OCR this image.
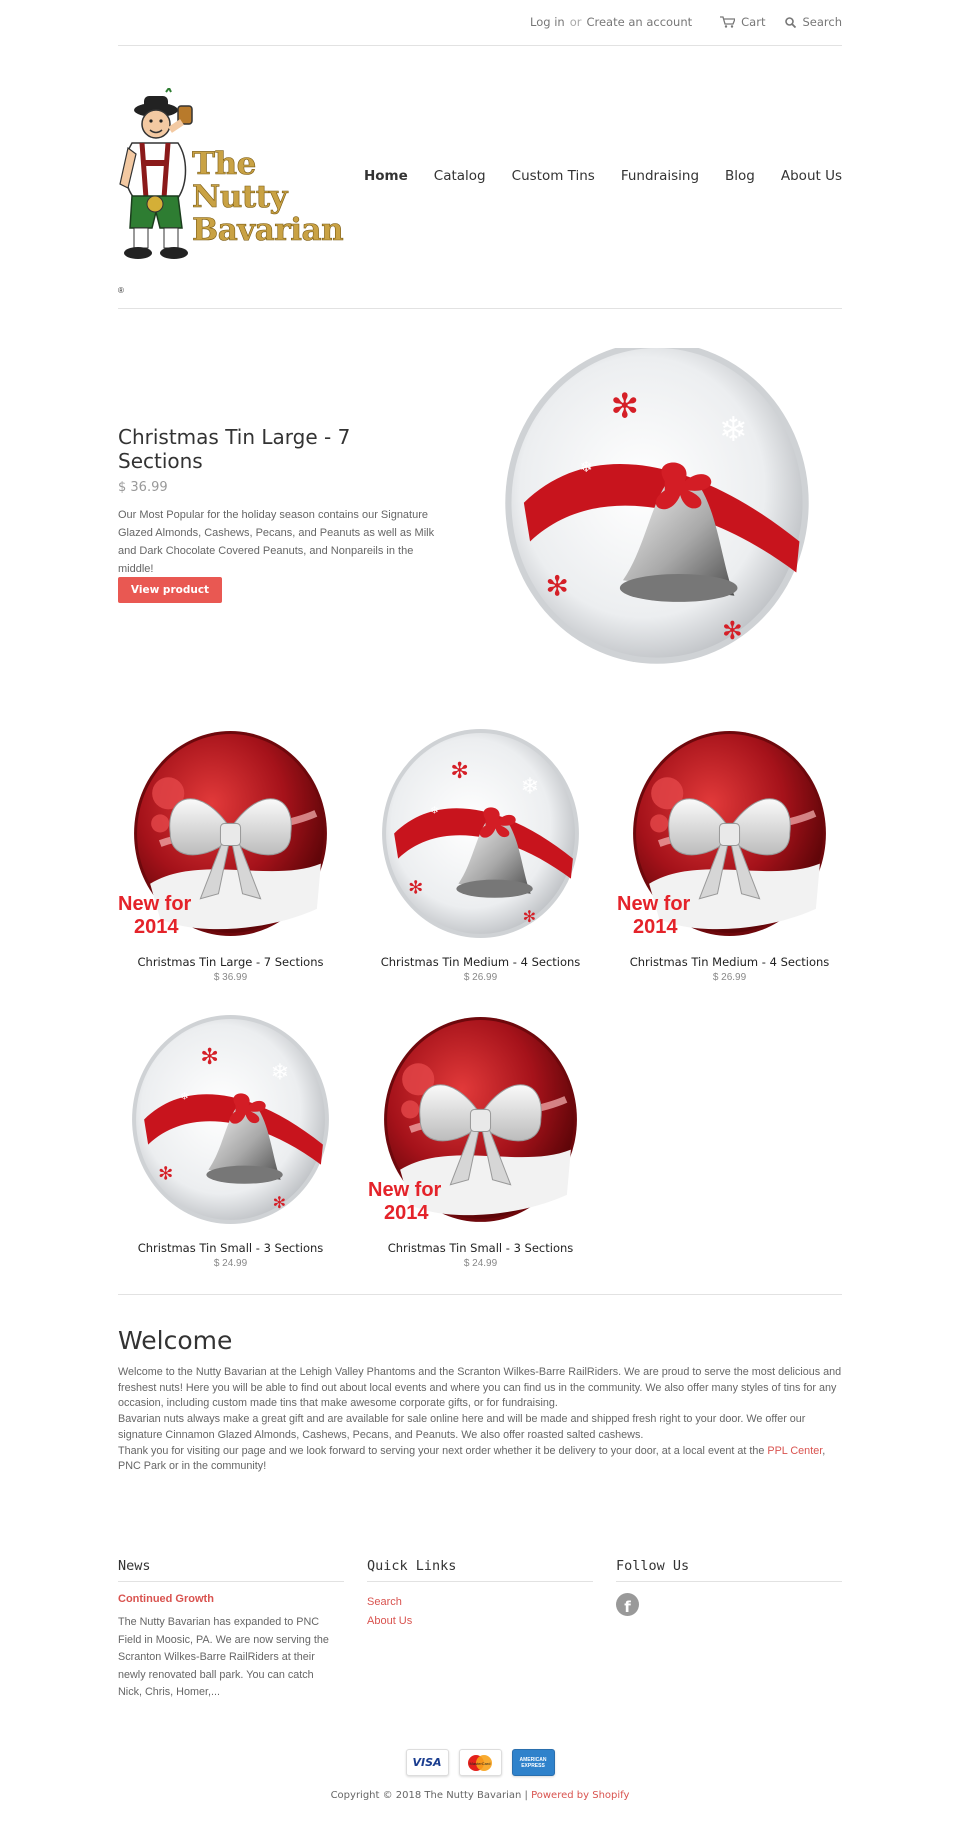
Log in or Create an account	Cart	Search
The
Nutty
Bavarian
®
Home Catalog Custom Tins Fundraising Blog About Us
Christmas Tin Large - 7 Sections
$ 36.99
Our Most Popular for the holiday season contains our Signature Glazed Almonds, Cashews, Pecans, and Peanuts as well as Milk and Dark Chocolate Covered Peanuts, and Nonpareils in the middle!
View product
New for
2014
Christmas Tin Large - 7 Sections
$ 36.99
Christmas Tin Medium - 4 Sections
$ 26.99
New for
2014
Christmas Tin Medium - 4 Sections
$ 26.99
Christmas Tin Small - 3 Sections
$ 24.99
New for
2014
Christmas Tin Small - 3 Sections
$ 24.99
Welcome

Welcome to the Nutty Bavarian at the Lehigh Valley Phantoms and the Scranton Wilkes-Barre RailRiders. We are proud to serve the most delicious and freshest nuts! Here you will be able to find out about local events and where you can find us in the community. We also offer many styles of tins for any occasion, including custom made tins that make awesome corporate gifts, or for fundraising.

Bavarian nuts always make a great gift and are available for sale online here and will be made and shipped fresh right to your door. We offer our signature Cinnamon Glazed Almonds, Cashews, Pecans, and Peanuts. We also offer roasted salted cashews.

Thank you for visiting our page and we look forward to serving your next order whether it be delivery to your door, at a local event at the PPL Center, PNC Park or in the community!

News
Continued Growth
The Nutty Bavarian has expanded to PNC Field in Moosic, PA. We are now serving the Scranton Wilkes-Barre RailRiders at their newly renovated ball park. You can catch Nick, Chris, Homer,...
Quick Links
Search
About Us
Follow Us
f
VISA	MasterCard
AMERICAN EXPRESS
Copyright © 2018 The Nutty Bavarian | Powered by Shopify
